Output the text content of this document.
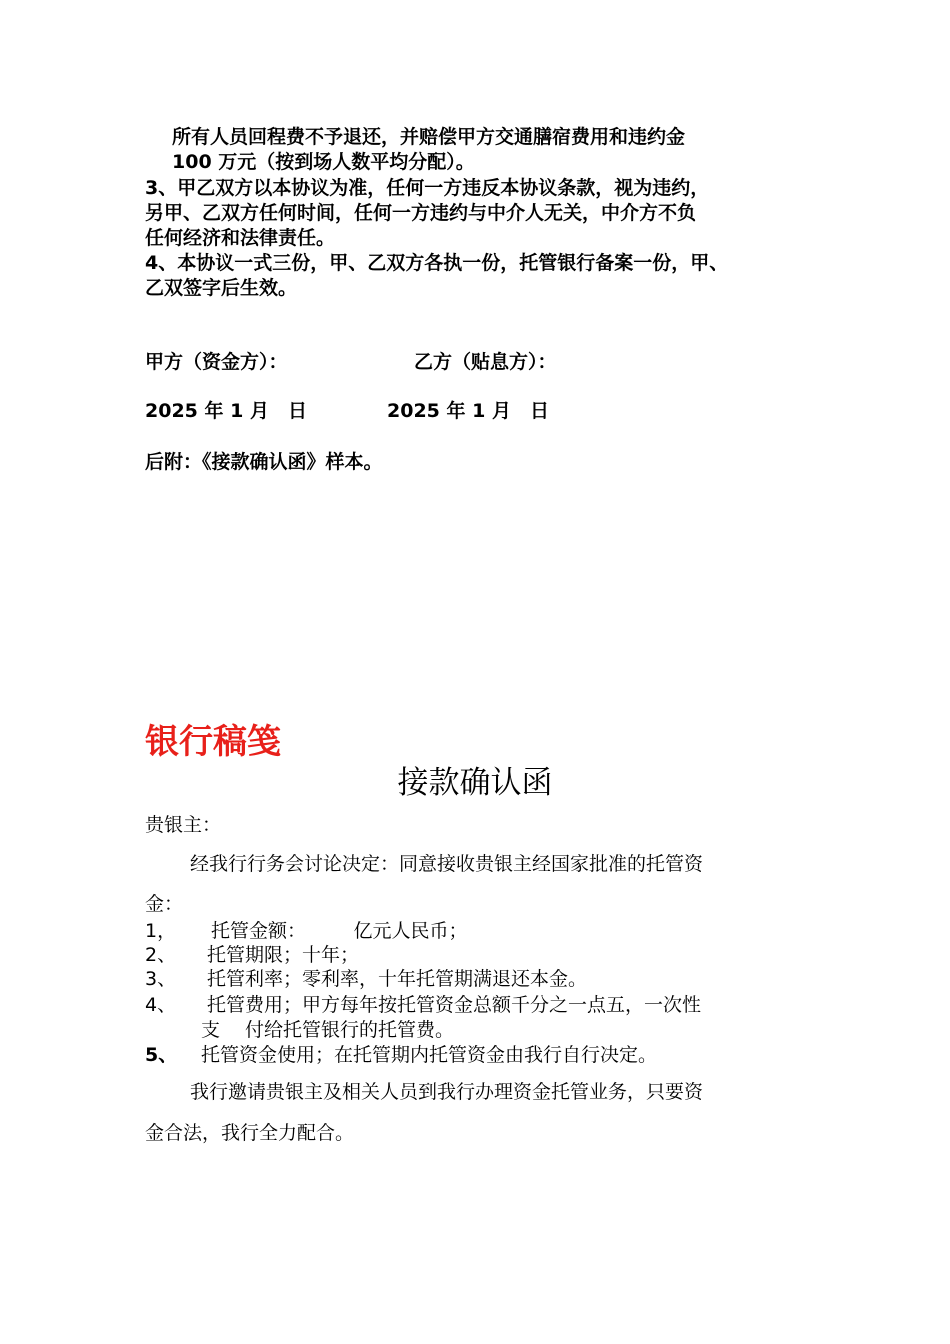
所有人员回程费不予退还，并赔偿甲方交通膳宿费用和违约金
100 万元（按到场人数平均分配）。
3、甲乙双方以本协议为准，任何一方违反本协议条款，视为违约，
另甲、乙双方任何时间，任何一方违约与中介人无关，中介方不负
任何经济和法律责任。
4、本协议一式三份，甲、乙双方各执一份，托管银行备案一份，甲、
乙双签字后生效。
甲方（资金方）：	乙方（贴息方）：
2025 年 1 月　日	2025 年 1 月　日
后附：《接款确认函》样本。
银行稿笺
接款确认函
贵银主：
经我行行务会讨论决定：同意接收贵银主经国家批准的托管资
金：
1， 托管金额：　　　亿元人民币；
2、 托管期限；十年；
3、 托管利率；零利率，十年托管期满退还本金。
4、 托管费用；甲方每年按托管资金总额千分之一点五，一次性
支　 付给托管银行的托管费。
5、 托管资金使用；在托管期内托管资金由我行自行决定。
我行邀请贵银主及相关人员到我行办理资金托管业务，只要资
金合法，我行全力配合。
